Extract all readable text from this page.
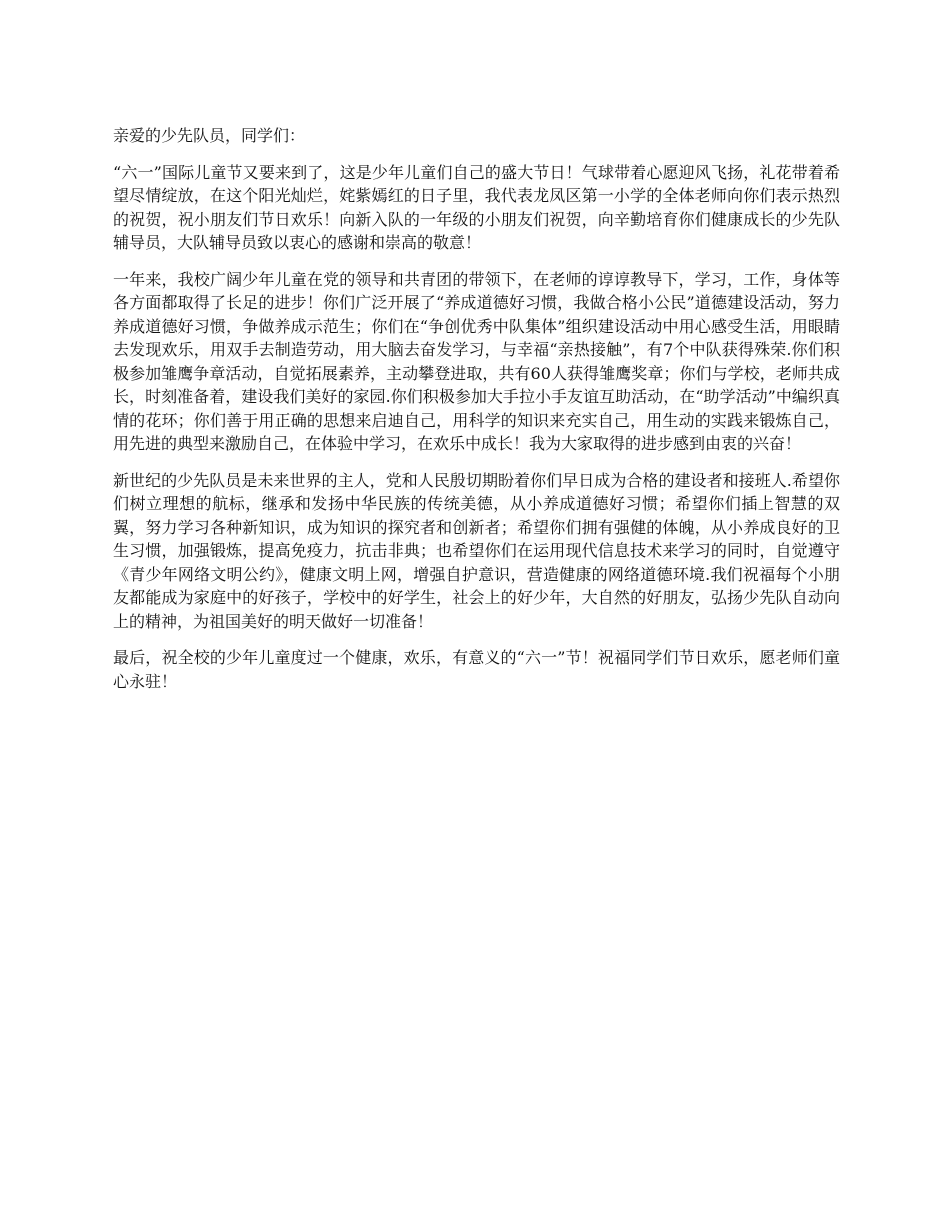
亲爱的少先队员，同学们：

“六一”国际儿童节又要来到了，这是少年儿童们自己的盛大节日！气球带着心愿迎风飞扬，礼花带着希望尽情绽放，在这个阳光灿烂，姹紫嫣红的日子里，我代表龙凤区第一小学的全体老师向你们表示热烈的祝贺，祝小朋友们节日欢乐！向新入队的一年级的小朋友们祝贺，向辛勤培育你们健康成长的少先队辅导员，大队辅导员致以衷心的感谢和崇高的敬意！

一年来，我校广阔少年儿童在党的领导和共青团的带领下，在老师的谆谆教导下，学习，工作，身体等各方面都取得了长足的进步！你们广泛开展了“养成道德好习惯，我做合格小公民”道德建设活动，努力养成道德好习惯，争做养成示范生；你们在“争创优秀中队集体”组织建设活动中用心感受生活，用眼睛去发现欢乐，用双手去制造劳动，用大脑去奋发学习，与幸福“亲热接触”，有7个中队获得殊荣.你们积极参加雏鹰争章活动，自觉拓展素养，主动攀登进取，共有60人获得雏鹰奖章；你们与学校，老师共成长，时刻准备着，建设我们美好的家园.你们积极参加大手拉小手友谊互助活动，在“助学活动”中编织真情的花环；你们善于用正确的思想来启迪自己，用科学的知识来充实自己，用生动的实践来锻炼自己，用先进的典型来激励自己，在体验中学习，在欢乐中成长！我为大家取得的进步感到由衷的兴奋！

新世纪的少先队员是未来世界的主人，党和人民殷切期盼着你们早日成为合格的建设者和接班人.希望你们树立理想的航标，继承和发扬中华民族的传统美德，从小养成道德好习惯；希望你们插上智慧的双翼，努力学习各种新知识，成为知识的探究者和创新者；希望你们拥有强健的体魄，从小养成良好的卫生习惯，加强锻炼，提高免疫力，抗击非典；也希望你们在运用现代信息技术来学习的同时，自觉遵守《青少年网络文明公约》，健康文明上网，增强自护意识，营造健康的网络道德环境.我们祝福每个小朋友都能成为家庭中的好孩子，学校中的好学生，社会上的好少年，大自然的好朋友，弘扬少先队自动向上的精神，为祖国美好的明天做好一切准备！

最后，祝全校的少年儿童度过一个健康，欢乐，有意义的“六一”节！祝福同学们节日欢乐，愿老师们童心永驻！
